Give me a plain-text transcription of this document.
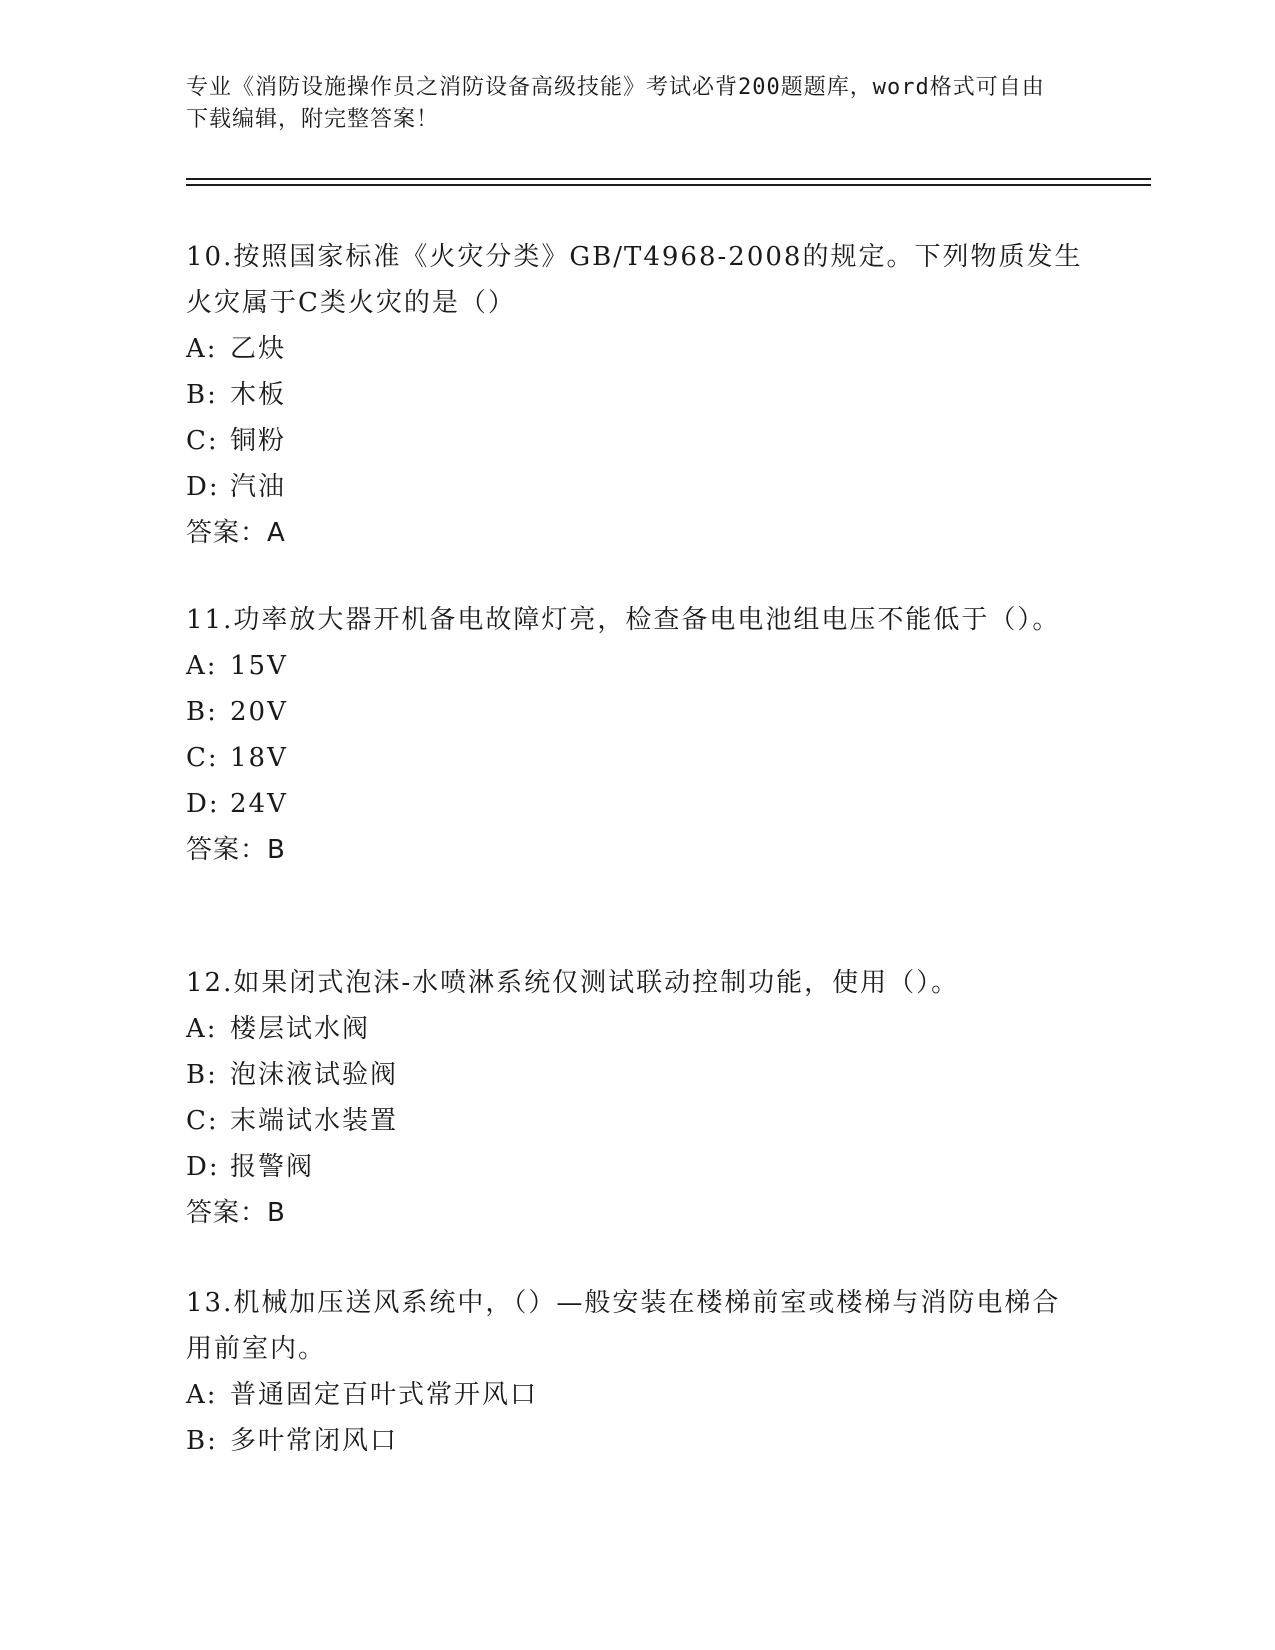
专业《消防设施操作员之消防设备高级技能》考试必背200题题库，word格式可自由下载编辑，附完整答案！
10.按照国家标准《火灾分类》GB/T4968-2008的规定。下列物质发生火灾属于C类火灾的是（）
A: 乙炔
B: 木板
C: 铜粉
D: 汽油
答案：A
11.功率放大器开机备电故障灯亮，检查备电电池组电压不能低于（）。
A: 15V
B: 20V
C: 18V
D: 24V
答案：B
12.如果闭式泡沫-水喷淋系统仅测试联动控制功能，使用（）。
A: 楼层试水阀
B: 泡沫液试验阀
C: 末端试水装置
D: 报警阀
答案：B
13.机械加压送风系统中，（）—般安装在楼梯前室或楼梯与消防电梯合用前室内。
A: 普通固定百叶式常开风口
B: 多叶常闭风口
